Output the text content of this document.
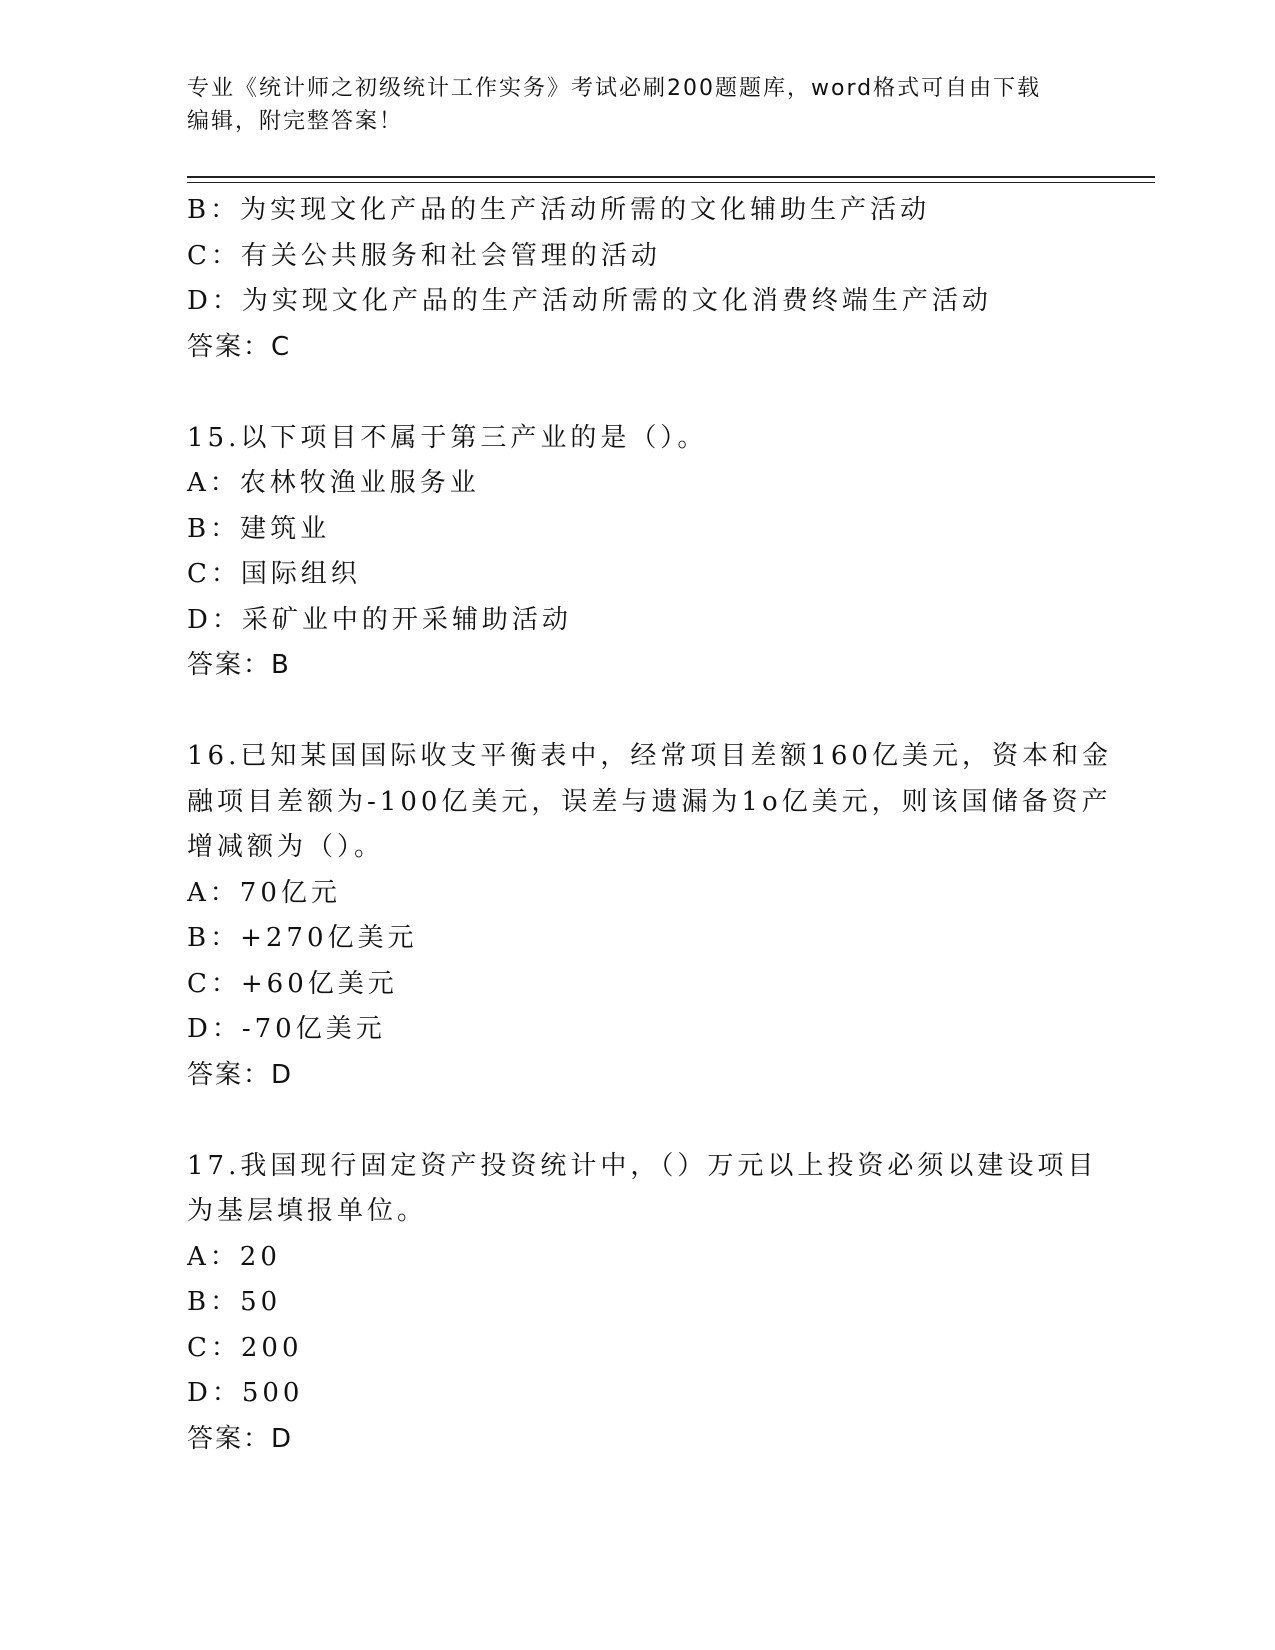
专业《统计师之初级统计工作实务》考试必刷200题题库，word格式可自由下载
编辑，附完整答案！
B：为实现文化产品的生产活动所需的文化辅助生产活动
C：有关公共服务和社会管理的活动
D：为实现文化产品的生产活动所需的文化消费终端生产活动
答案：C
15.以下项目不属于第三产业的是（）。
A：农林牧渔业服务业
B：建筑业
C：国际组织
D：采矿业中的开采辅助活动
答案：B
16.已知某国国际收支平衡表中，经常项目差额160亿美元，资本和金
融项目差额为-100亿美元，误差与遗漏为1o亿美元，则该国储备资产
增减额为（）。
A：70亿元
B：+270亿美元
C：+60亿美元
D：-70亿美元
答案：D
17.我国现行固定资产投资统计中，（）万元以上投资必须以建设项目
为基层填报单位。
A：20
B：50
C：200
D：500
答案：D
